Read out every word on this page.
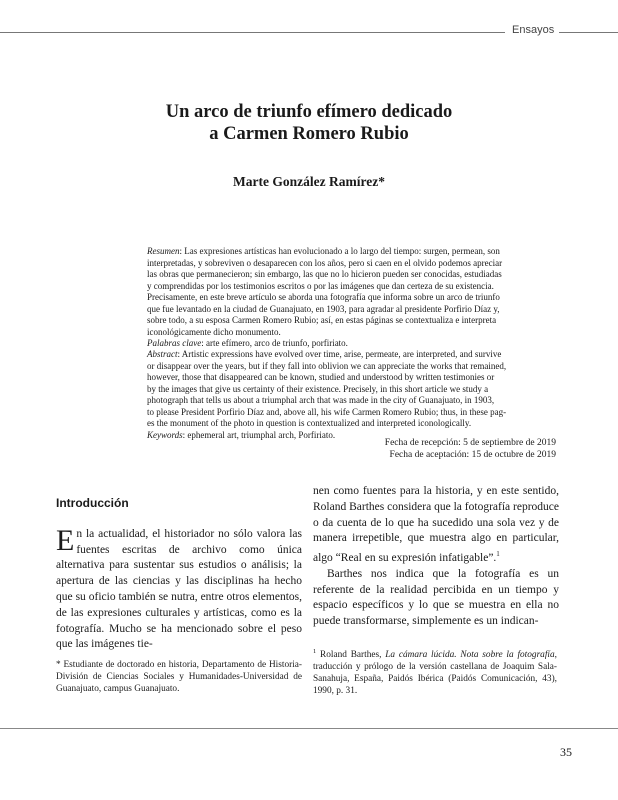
Ensayos
Un arco de triunfo efímero dedicado
a Carmen Romero Rubio
Marte González Ramírez*
Resumen: Las expresiones artísticas han evolucionado a lo largo del tiempo: surgen, permean, son
interpretadas, y sobreviven o desaparecen con los años, pero si caen en el olvido podemos apreciar
las obras que permanecieron; sin embargo, las que no lo hicieron pueden ser conocidas, estudiadas
y comprendidas por los testimonios escritos o por las imágenes que dan certeza de su existencia.
Precisamente, en este breve artículo se aborda una fotografía que informa sobre un arco de triunfo
que fue levantado en la ciudad de Guanajuato, en 1903, para agradar al presidente Porfirio Díaz y,
sobre todo, a su esposa Carmen Romero Rubio; así, en estas páginas se contextualiza e interpreta
iconológicamente dicho monumento.
Palabras clave: arte efímero, arco de triunfo, porfiriato.
Abstract: Artistic expressions have evolved over time, arise, permeate, are interpreted, and survive
or disappear over the years, but if they fall into oblivion we can appreciate the works that remained,
however, those that disappeared can be known, studied and understood by written testimonies or
by the images that give us certainty of their existence. Precisely, in this short article we study a
photograph that tells us about a triumphal arch that was made in the city of Guanajuato, in 1903,
to please President Porfirio Díaz and, above all, his wife Carmen Romero Rubio; thus, in these pag-
es the monument of the photo in question is contextualized and interpreted iconologically.
Keywords: ephemeral art, triumphal arch, Porfiriato.
Fecha de recepción: 5 de septiembre de 2019
Fecha de aceptación: 15 de octubre de 2019
Introducción

En la actualidad, el historiador no sólo valora las fuentes escritas de archivo como única alternativa para sustentar sus estudios o análisis; la apertura de las ciencias y las disciplinas ha hecho que su oficio también se nutra, entre otros elementos, de las expresiones culturales y artísticas, como es la fotografía. Mucho se ha mencionado sobre el peso que las imágenes tie-

nen como fuentes para la historia, y en este sentido, Roland Barthes considera que la fotografía reproduce o da cuenta de lo que ha sucedido una sola vez y de manera irrepetible, que muestra algo en particular, algo “Real en su expresión infatigable”.$^1$

Barthes nos indica que la fotografía es un referente de la realidad percibida en un tiempo y espacio específicos y lo que se muestra en ella no puede transformarse, simplemente es un indican-

* Estudiante de doctorado en historia, Departamento de Historia-División de Ciencias Sociales y Humanidades-Universidad de Guanajuato, campus Guanajuato.
$^1$ Roland Barthes, La cámara lúcida. Nota sobre la fotografía, traducción y prólogo de la versión castellana de Joaquim Sala-Sanahuja, España, Paidós Ibérica (Paidós Comunicación, 43), 1990, p. 31.
35
